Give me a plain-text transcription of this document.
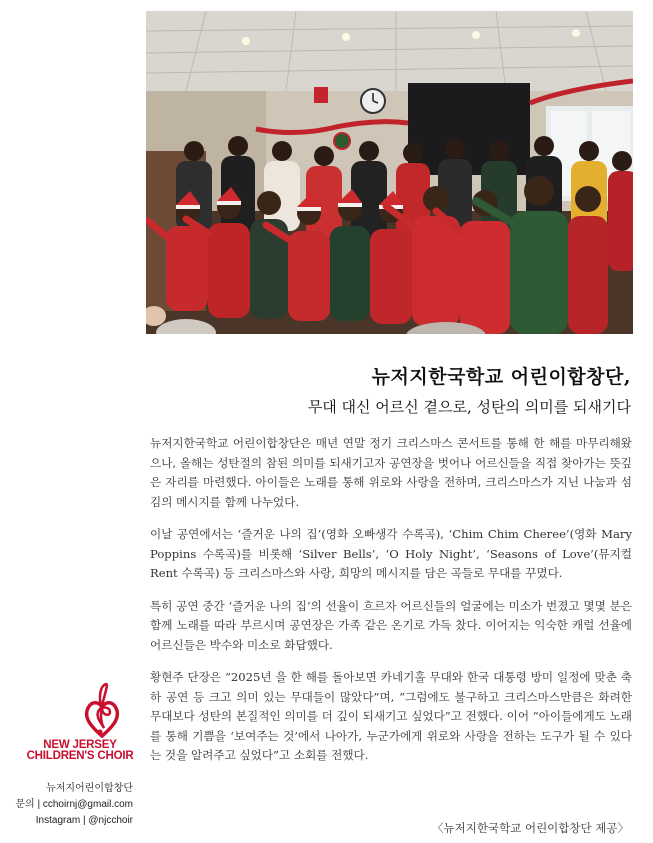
뉴저지한국학교 어린이합창단,
무대 대신 어르신 곁으로, 성탄의 의미를 되새기다

뉴저지한국학교 어린이합창단은 매년 연말 정기 크리스마스 콘서트를 통해 한 해를 마무리해왔으나, 올해는 성탄절의 참된 의미를 되새기고자 공연장을 벗어나 어르신들을 직접 찾아가는 뜻깊은 자리를 마련했다. 아이들은 노래를 통해 위로와 사랑을 전하며, 크리스마스가 지닌 나눔과 섬김의 메시지를 함께 나누었다.

이날 공연에서는 ‘즐거운 나의 집’(영화 오빠생각 수록곡), ‘Chim Chim Cheree’(영화 Mary Poppins 수록곡)를 비롯해 ‘Silver Bells’, ‘O Holy Night’, ‘Seasons of Love’(뮤지컬 Rent 수록곡) 등 크리스마스와 사랑, 희망의 메시지를 담은 곡들로 무대를 꾸몄다.

특히 공연 중간 ‘즐거운 나의 집’의 선율이 흐르자 어르신들의 얼굴에는 미소가 번졌고 몇몇 분은 함께 노래를 따라 부르시며 공연장은 가족 같은 온기로 가득 찼다. 이어지는 익숙한 캐럴 선율에 어르신들은 박수와 미소로 화답했다.

황현주 단장은 “2025년 을 한 해를 돌아보면 카네기홀 무대와 한국 대통령 방미 일정에 맞춘 축하 공연 등 크고 의미 있는 무대들이 많았다”며, “그럼에도 불구하고 크리스마스만큼은 화려한 무대보다 성탄의 본질적인 의미를 더 깊이 되새기고 싶었다”고 전했다. 이어 “아이들에게도 노래를 통해 기쁨을 ‘보여주는 것’에서 나아가, 누군가에게 위로와 사랑을 전하는 도구가 될 수 있다는 것을 알려주고 싶었다”고 소회를 전했다.

〈뉴저지한국학교 어린이합창단 제공〉
NEW JERSEY
CHILDREN'S CHOIR
뉴저지어린이합창단
문의 | cchoirnj@gmail.com
Instagram | @njcchoir
